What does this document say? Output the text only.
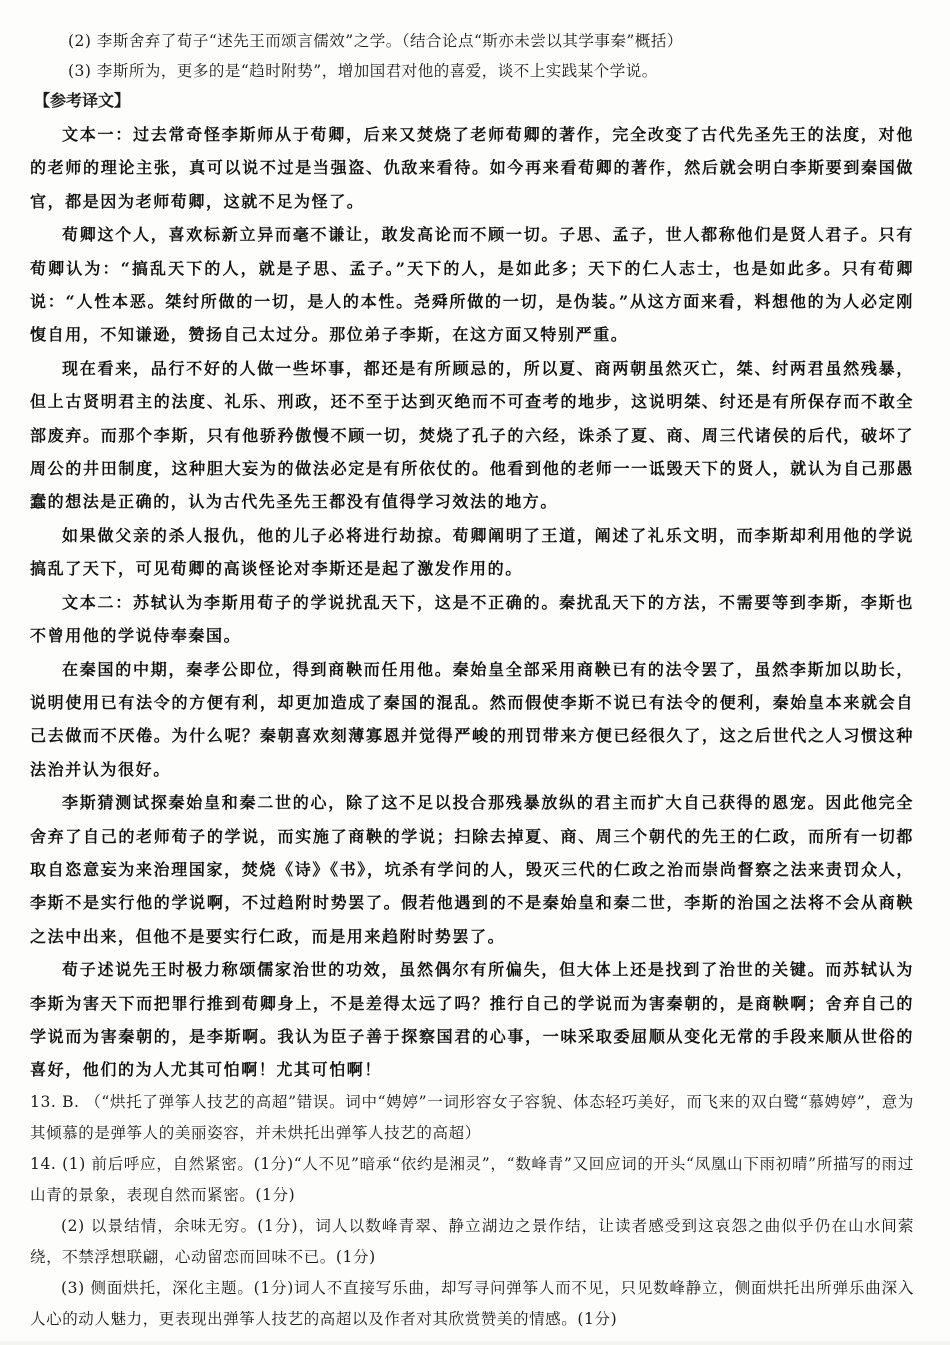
(2) 李斯舍弃了荀子“述先王而颂言儒效”之学。（结合论点“斯亦未尝以其学事秦”概括）

(3) 李斯所为，更多的是“趋时附势”，增加国君对他的喜爱，谈不上实践某个学说。

【参考译文】

文本一：过去常奇怪李斯师从于荀卿，后来又焚烧了老师荀卿的著作，完全改变了古代先圣先王的法度，对他的老师的理论主张，真可以说不过是当强盗、仇敌来看待。如今再来看荀卿的著作，然后就会明白李斯要到秦国做官，都是因为老师荀卿，这就不足为怪了。

荀卿这个人，喜欢标新立异而毫不谦让，敢发高论而不顾一切。子思、孟子，世人都称他们是贤人君子。只有荀卿认为：“搞乱天下的人，就是子思、孟子。”天下的人，是如此多；天下的仁人志士，也是如此多。只有荀卿说：“人性本恶。桀纣所做的一切，是人的本性。尧舜所做的一切，是伪装。”从这方面来看，料想他的为人必定刚愎自用，不知谦逊，赞扬自己太过分。那位弟子李斯，在这方面又特别严重。

现在看来，品行不好的人做一些坏事，都还是有所顾忌的，所以夏、商两朝虽然灭亡，桀、纣两君虽然残暴，但上古贤明君主的法度、礼乐、刑政，还不至于达到灭绝而不可查考的地步，这说明桀、纣还是有所保存而不敢全部废弃。而那个李斯，只有他骄矜傲慢不顾一切，焚烧了孔子的六经，诛杀了夏、商、周三代诸侯的后代，破坏了周公的井田制度，这种胆大妄为的做法必定是有所依仗的。他看到他的老师一一诋毁天下的贤人，就认为自己那愚蠢的想法是正确的，认为古代先圣先王都没有值得学习效法的地方。

如果做父亲的杀人报仇，他的儿子必将进行劫掠。荀卿阐明了王道，阐述了礼乐文明，而李斯却利用他的学说搞乱了天下，可见荀卿的高谈怪论对李斯还是起了激发作用的。

文本二：苏轼认为李斯用荀子的学说扰乱天下，这是不正确的。秦扰乱天下的方法，不需要等到李斯，李斯也不曾用他的学说侍奉秦国。

在秦国的中期，秦孝公即位，得到商鞅而任用他。秦始皇全部采用商鞅已有的法令罢了，虽然李斯加以助长，说明使用已有法令的方便有利，却更加造成了秦国的混乱。然而假使李斯不说已有法令的便利，秦始皇本来就会自己去做而不厌倦。为什么呢？秦朝喜欢刻薄寡恩并觉得严峻的刑罚带来方便已经很久了，这之后世代之人习惯这种法治并认为很好。

李斯猜测试探秦始皇和秦二世的心，除了这不足以投合那残暴放纵的君主而扩大自己获得的恩宠。因此他完全舍弃了自己的老师荀子的学说，而实施了商鞅的学说；扫除去掉夏、商、周三个朝代的先王的仁政，而所有一切都取自恣意妄为来治理国家，焚烧《诗》《书》，坑杀有学问的人，毁灭三代的仁政之治而崇尚督察之法来责罚众人，李斯不是实行他的学说啊，不过趋附时势罢了。假若他遇到的不是秦始皇和秦二世，李斯的治国之法将不会从商鞅之法中出来，但他不是要实行仁政，而是用来趋附时势罢了。

荀子述说先王时极力称颂儒家治世的功效，虽然偶尔有所偏失，但大体上还是找到了治世的关键。而苏轼认为李斯为害天下而把罪行推到荀卿身上，不是差得太远了吗？推行自己的学说而为害秦朝的，是商鞅啊；舍弃自己的学说而为害秦朝的，是李斯啊。我认为臣子善于探察国君的心事，一味采取委屈顺从变化无常的手段来顺从世俗的喜好，他们的为人尤其可怕啊！尤其可怕啊！

13. B. （“烘托了弹筝人技艺的高超”错误。词中“娉婷”一词形容女子容貌、体态轻巧美好，而飞来的双白鹭“慕娉婷”，意为其倾慕的是弹筝人的美丽姿容，并未烘托出弹筝人技艺的高超）

14. (1) 前后呼应，自然紧密。(1分)“人不见”暗承“依约是湘灵”，“数峰青”又回应词的开头“凤凰山下雨初晴”所描写的雨过山青的景象，表现自然而紧密。(1分)

(2) 以景结情，余味无穷。(1分)，词人以数峰青翠、静立湖边之景作结，让读者感受到这哀怨之曲似乎仍在山水间萦绕，不禁浮想联翩，心动留恋而回味不已。(1分)

(3) 侧面烘托，深化主题。(1分)词人不直接写乐曲，却写寻问弹筝人而不见，只见数峰静立，侧面烘托出所弹乐曲深入人心的动人魅力，更表现出弹筝人技艺的高超以及作者对其欣赏赞美的情感。(1分)
